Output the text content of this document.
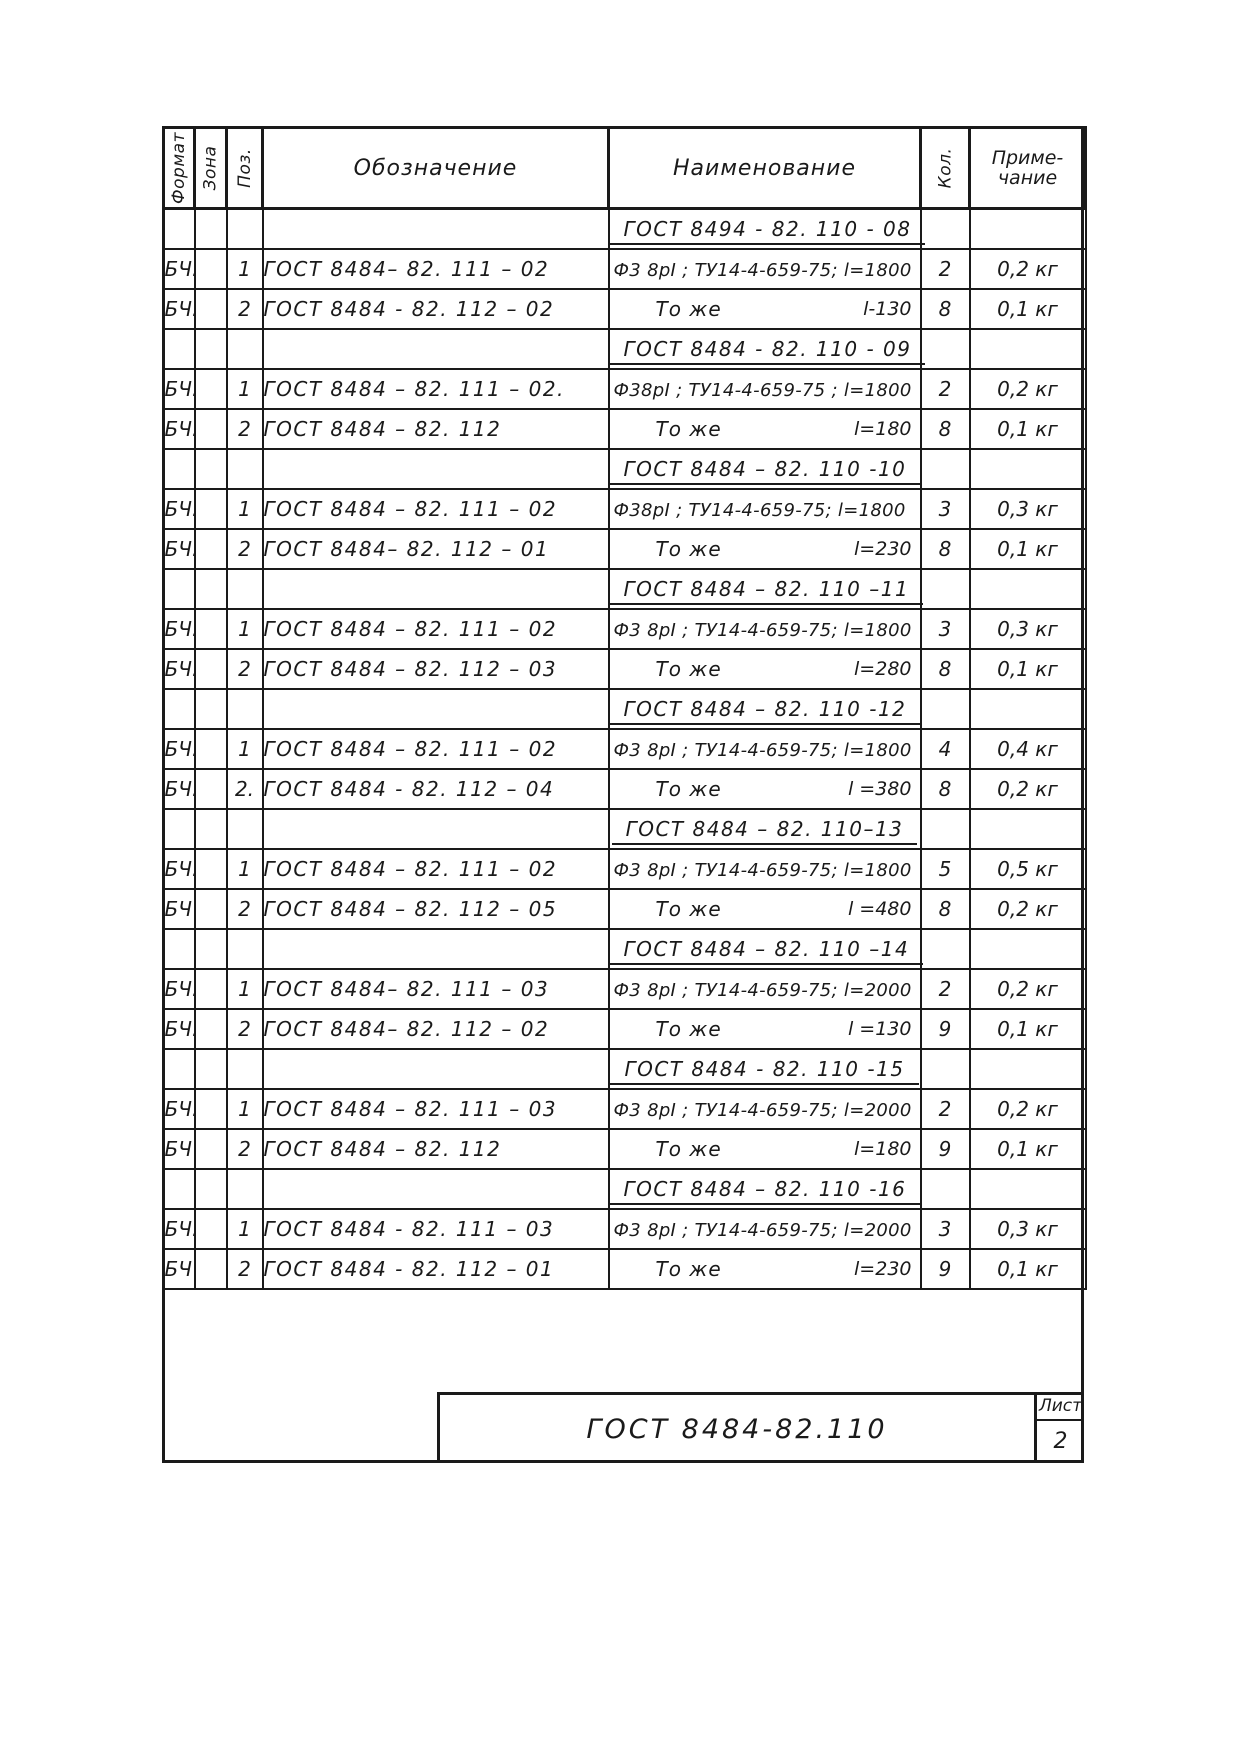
Формат	Зона	Поз.	Обозначение	Наименование	Кол.	Приме-
чание

				ГОСТ 8494 - 82. 110 - 08		

БЧ.		1	ГОСТ 8484– 82. 111 – 02	Ф3 8рI ; ТУ14-4-659-75; l=1800	2	0,2 кг
БЧ.		2	ГОСТ 8484 - 82. 112 – 02	То же l-130	8	0,1 кг

				ГОСТ 8484 - 82. 110 - 09		

БЧ.		1	ГОСТ 8484 – 82. 111 – 02.	Ф38рI ; ТУ14-4-659-75 ; l=1800	2	0,2 кг
БЧ.		2	ГОСТ 8484 – 82. 112	То же l=180	8	0,1 кг

				ГОСТ 8484 – 82. 110 -10		

БЧ.		1	ГОСТ 8484 – 82. 111 – 02	Ф38рI ; ТУ14-4-659-75; l=1800	3	0,3 кг
БЧ.		2	ГОСТ 8484– 82. 112 – 01	То же l=230	8	0,1 кг

				ГОСТ 8484 – 82. 110 –11		

БЧ.		1	ГОСТ 8484 – 82. 111 – 02	Ф3 8рI ; ТУ14-4-659-75; l=1800	3	0,3 кг
БЧ.		2	ГОСТ 8484 – 82. 112 – 03	То же l=280	8	0,1 кг

				ГОСТ 8484 – 82. 110 -12		

БЧ.		1	ГОСТ 8484 – 82. 111 – 02	Ф3 8рI ; ТУ14-4-659-75; l=1800	4	0,4 кг
БЧ.		2.	ГОСТ 8484 - 82. 112 – 04	То же l =380	8	0,2 кг

				ГОСТ 8484 – 82. 110–13		

БЧ.		1	ГОСТ 8484 – 82. 111 – 02	Ф3 8рI ; ТУ14-4-659-75; l=1800	5	0,5 кг
БЧ		2	ГОСТ 8484 – 82. 112 – 05	То же l =480	8	0,2 кг

				ГОСТ 8484 – 82. 110 –14		

БЧ.		1	ГОСТ 8484– 82. 111 – 03	Ф3 8рI ; ТУ14-4-659-75; l=2000	2	0,2 кг
БЧ.		2	ГОСТ 8484– 82. 112 – 02	То же l =130	9	0,1 кг

				ГОСТ 8484 - 82. 110 -15		

БЧ.		1	ГОСТ 8484 – 82. 111 – 03	Ф3 8рI ; ТУ14-4-659-75; l=2000	2	0,2 кг
БЧ		2	ГОСТ 8484 – 82. 112	То же l=180	9	0,1 кг

				ГОСТ 8484 – 82. 110 -16		

БЧ.		1	ГОСТ 8484 - 82. 111 – 03	Ф3 8рI ; ТУ14-4-659-75; l=2000	3	0,3 кг
БЧ		2	ГОСТ 8484 - 82. 112 – 01	То же l=230	9	0,1 кг
ГОСТ 8484-82.110
Лист
2
